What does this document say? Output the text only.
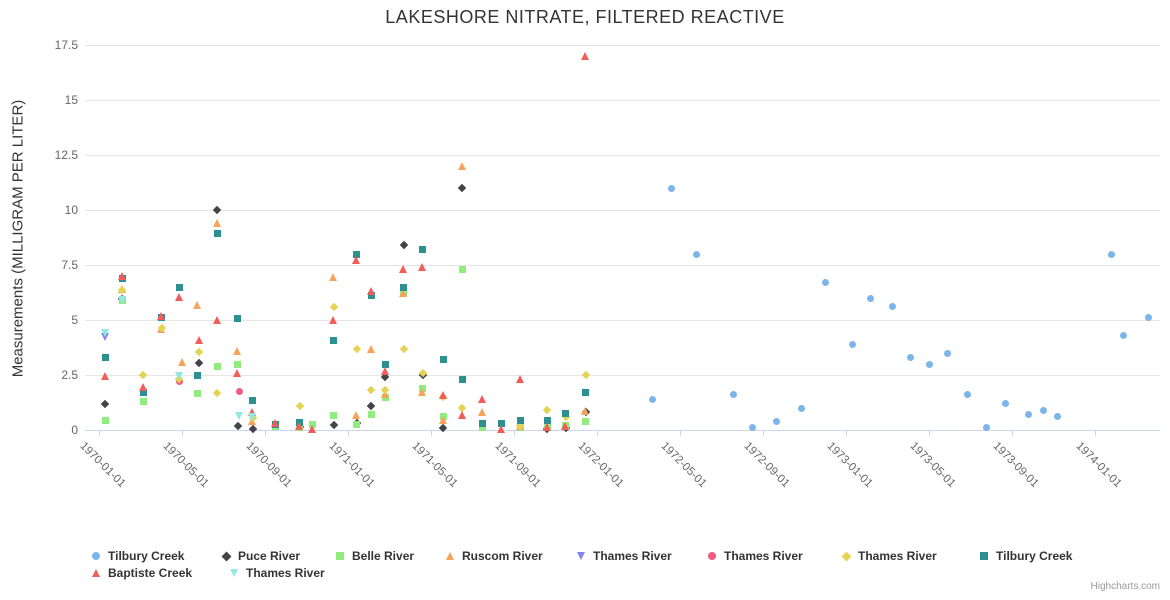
LAKESHORE NITRATE, FILTERED REACTIVE
Measurements (MILLIGRAM PER LITER)
0
2.5
5
7.5
10
12.5
15
17.5
1970-01-01	1970-05-01	1970-09-01	1971-01-01	1971-05-01	1971-09-01	1972-01-01	1972-05-01	1972-09-01	1973-01-01	1973-05-01	1973-09-01	1974-01-01
Tilbury Creek	Puce River	Belle River	Ruscom River	Thames River	Thames River	Thames River	Tilbury Creek
Baptiste Creek	Thames River
Highcharts.com
